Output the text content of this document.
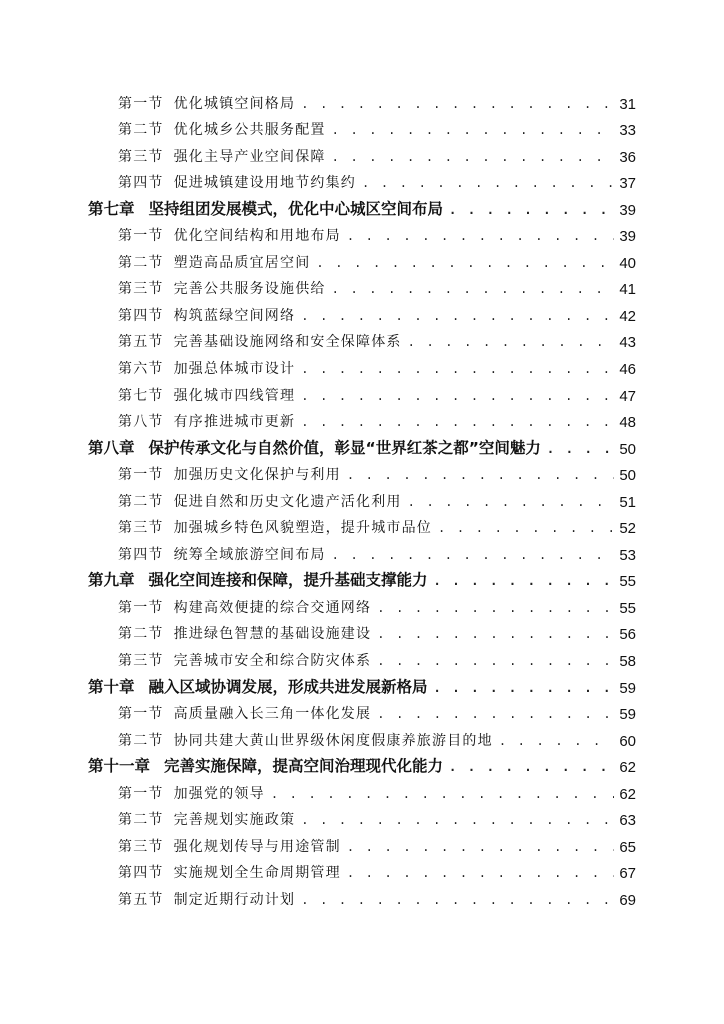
第一节 优化城镇空间格局 . . .	31
第二节 优化城乡公共服务配置 . . .	33
第三节 强化主导产业空间保障 . . .	36
第四节 促进城镇建设用地节约集约 . . .	37
第七章 坚持组团发展模式，优化中心城区空间布局 . . .	39
第一节 优化空间结构和用地布局 . . .	39
第二节 塑造高品质宜居空间 . . .	40
第三节 完善公共服务设施供给 . . .	41
第四节 构筑蓝绿空间网络 . . .	42
第五节 完善基础设施网络和安全保障体系 . . .	43
第六节 加强总体城市设计 . . .	46
第七节 强化城市四线管理 . . .	47
第八节 有序推进城市更新 . . .	48
第八章 保护传承文化与自然价值，彰显“世界红茶之都”空间魅力 . . .	50
第一节 加强历史文化保护与利用 . . .	50
第二节 促进自然和历史文化遗产活化利用 . . .	51
第三节 加强城乡特色风貌塑造，提升城市品位 . . .	52
第四节 统筹全域旅游空间布局 . . .	53
第九章 强化空间连接和保障，提升基础支撑能力 . . .	55
第一节 构建高效便捷的综合交通网络 . . .	55
第二节 推进绿色智慧的基础设施建设 . . .	56
第三节 完善城市安全和综合防灾体系 . . .	58
第十章 融入区域协调发展，形成共进发展新格局 . . .	59
第一节 高质量融入长三角一体化发展 . . .	59
第二节 协同共建大黄山世界级休闲度假康养旅游目的地 . . .	60
第十一章 完善实施保障，提高空间治理现代化能力 . . .	62
第一节 加强党的领导 . . .	62
第二节 完善规划实施政策 . . .	63
第三节 强化规划传导与用途管制 . . .	65
第四节 实施规划全生命周期管理 . . .	67
第五节 制定近期行动计划 . . .	69
